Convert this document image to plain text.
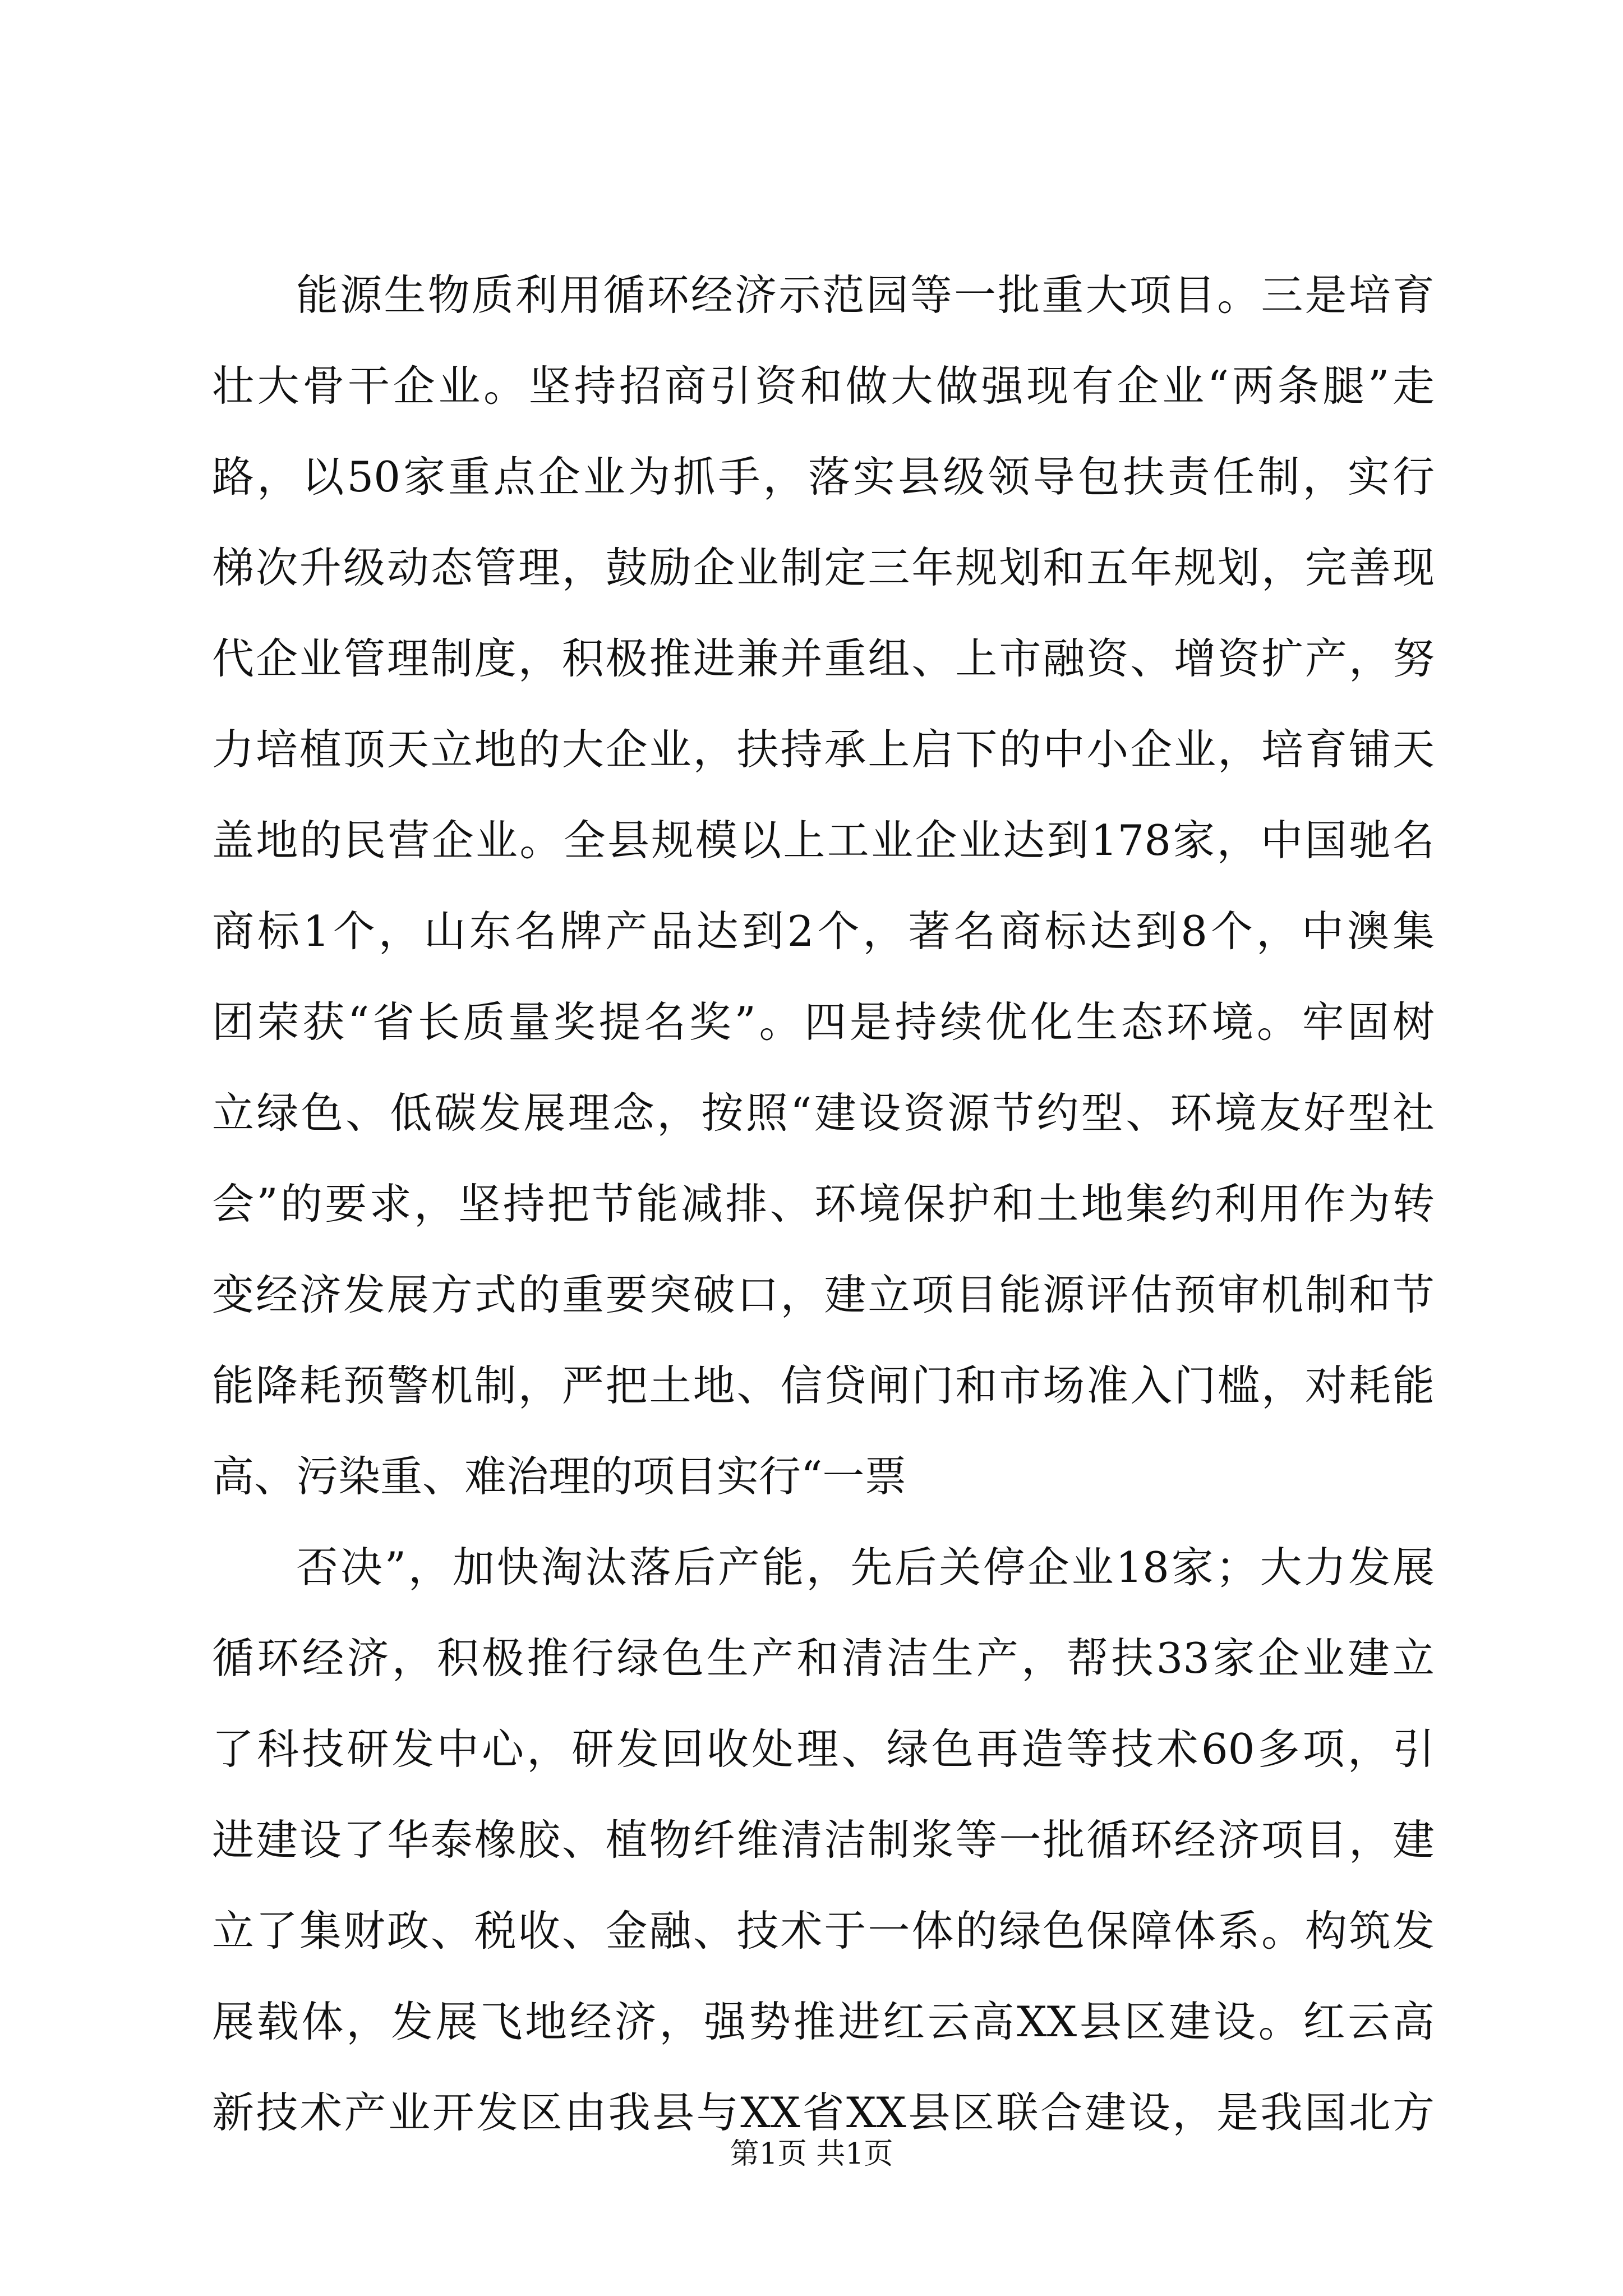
能源生物质利用循环经济示范园等一批重大项目。三是培育
壮大骨干企业。坚持招商引资和做大做强现有企业“两条腿”走
路，以50家重点企业为抓手，落实县级领导包扶责任制，实行
梯次升级动态管理，鼓励企业制定三年规划和五年规划，完善现
代企业管理制度，积极推进兼并重组、上市融资、增资扩产，努
力培植顶天立地的大企业，扶持承上启下的中小企业，培育铺天
盖地的民营企业。全县规模以上工业企业达到178家，中国驰名
商标1个，山东名牌产品达到2个，著名商标达到8个，中澳集
团荣获“省长质量奖提名奖”。四是持续优化生态环境。牢固树
立绿色、低碳发展理念，按照“建设资源节约型、环境友好型社
会”的要求，坚持把节能减排、环境保护和土地集约利用作为转
变经济发展方式的重要突破口，建立项目能源评估预审机制和节
能降耗预警机制，严把土地、信贷闸门和市场准入门槛，对耗能
高、污染重、难治理的项目实行“一票
否决”，加快淘汰落后产能，先后关停企业18家；大力发展
循环经济，积极推行绿色生产和清洁生产，帮扶33家企业建立
了科技研发中心，研发回收处理、绿色再造等技术60多项，引
进建设了华泰橡胶、植物纤维清洁制浆等一批循环经济项目，建
立了集财政、税收、金融、技术于一体的绿色保障体系。构筑发
展载体，发展飞地经济，强势推进红云高XX县区建设。红云高
新技术产业开发区由我县与XX省XX县区联合建设，是我国北方
第1页 共1页
